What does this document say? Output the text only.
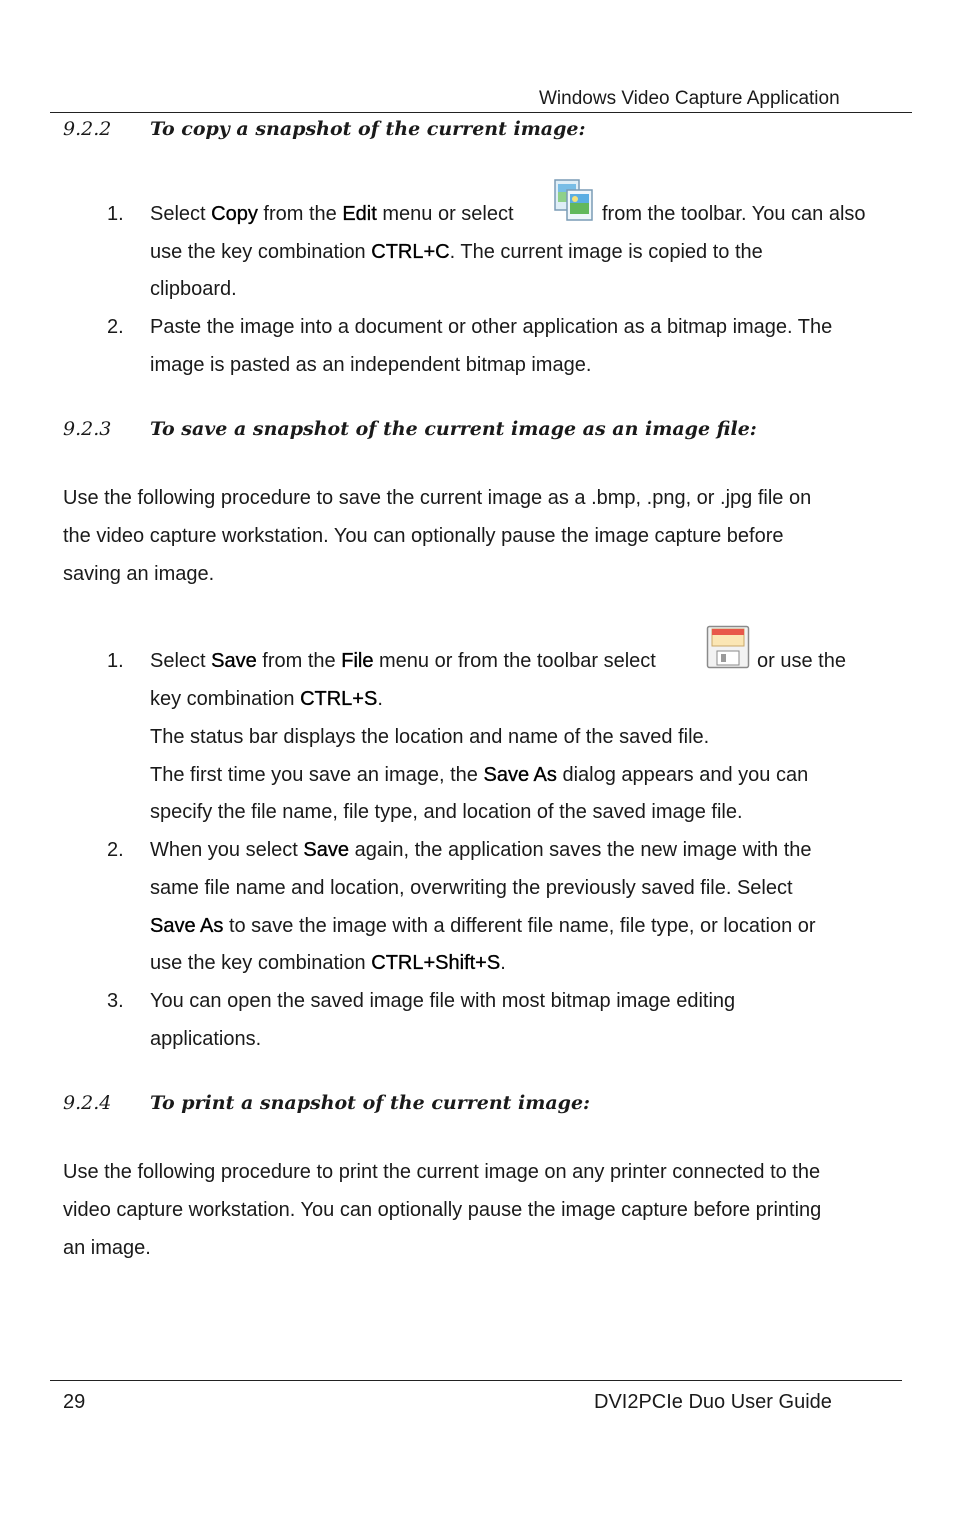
Windows Video Capture Application
9.2.2 To copy a snapshot of the current image:
1. Select Copy from the Edit menu or select	from the toolbar. You can also
use the key combination CTRL+C. The current image is copied to the
clipboard.
2. Paste the image into a document or other application as a bitmap image. The
image is pasted as an independent bitmap image.
9.2.3 To save a snapshot of the current image as an image file:
Use the following procedure to save the current image as a .bmp, .png, or .jpg file on
the video capture workstation. You can optionally pause the image capture before
saving an image.
1. Select Save from the File menu or from the toolbar select	or use the
key combination CTRL+S.
The status bar displays the location and name of the saved file.
The first time you save an image, the Save As dialog appears and you can
specify the file name, file type, and location of the saved image file.
2. When you select Save again, the application saves the new image with the
same file name and location, overwriting the previously saved file. Select
Save As to save the image with a different file name, file type, or location or
use the key combination CTRL+Shift+S.
3. You can open the saved image file with most bitmap image editing
applications.
9.2.4 To print a snapshot of the current image:
Use the following procedure to print the current image on any printer connected to the
video capture workstation. You can optionally pause the image capture before printing
an image.
29	DVI2PCIe Duo User Guide
